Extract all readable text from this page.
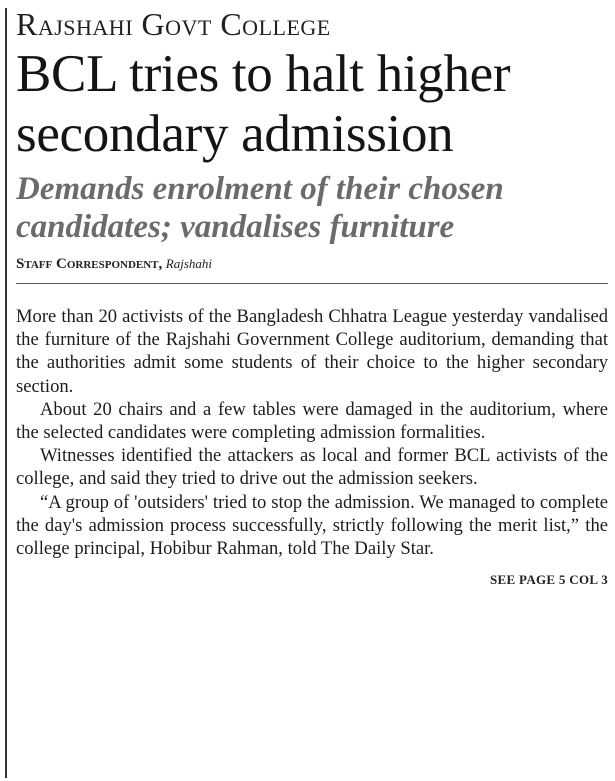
Rajshahi Govt College
BCL tries to halt higher secondary admission
Demands enrolment of their chosen candidates; vandalises furniture
Staff Correspondent, Rajshahi

More than 20 activists of the Bangladesh Chhatra League yesterday vandalised the furniture of the Rajshahi Government College auditorium, demanding that the authorities admit some students of their choice to the higher secondary section.

About 20 chairs and a few tables were damaged in the auditorium, where the selected candidates were completing admission formalities.

Witnesses identified the attackers as local and former BCL activists of the college, and said they tried to drive out the admission seekers.

“A group of 'outsiders' tried to stop the admission. We managed to complete the day's admission process successfully, strictly following the merit list,” the college principal, Hobibur Rahman, told The Daily Star.

SEE PAGE 5 COL 3
